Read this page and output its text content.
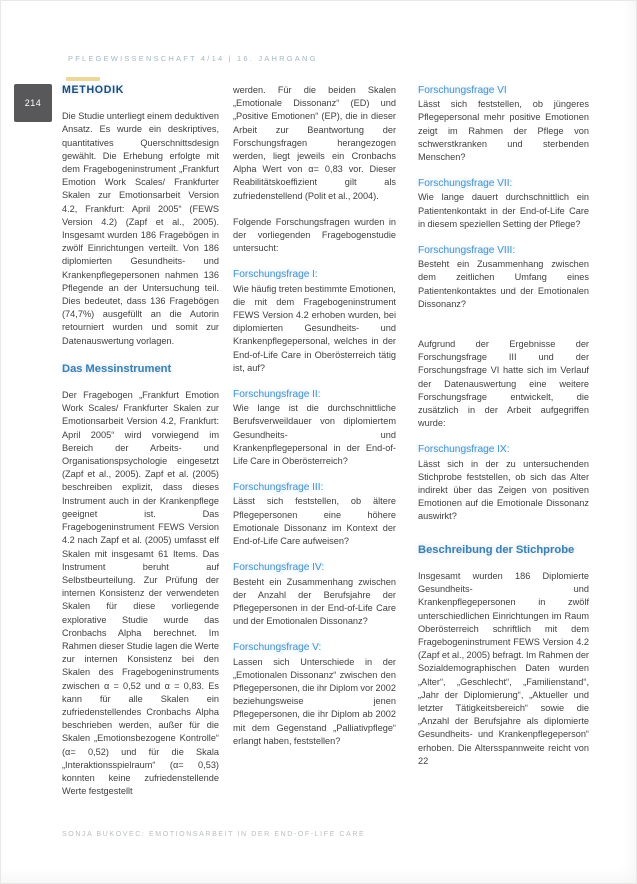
PFLEGEWISSENSCHAFT 4/14 | 16. JAHRGANG
214
METHODIK

Die Studie unterliegt einem deduktiven Ansatz. Es wurde ein deskriptives, quantitatives Querschnittsdesign gewählt. Die Erhebung erfolgte mit dem Fragebogeninstrument „Frankfurt Emotion Work Scales/ Frankfurter Skalen zur Emotionsarbeit Version 4.2, Frankfurt: April 2005“ (FEWS Version 4.2) (Zapf et al., 2005). Insgesamt wurden 186 Fragebögen in zwölf Einrichtungen verteilt. Von 186 diplomierten Gesundheits- und Krankenpflegepersonen nahmen 136 Pflegende an der Untersuchung teil. Dies bedeutet, dass 136 Fragebögen (74,7%) ausgefüllt an die Autorin retourniert wurden und somit zur Datenauswertung vorlagen.

Das Messinstrument

Der Fragebogen „Frankfurt Emotion Work Scales/ Frankfurter Skalen zur Emotionsarbeit Version 4.2, Frankfurt: April 2005“ wird vorwiegend im Bereich der Arbeits- und Organisationspsychologie eingesetzt (Zapf et al., 2005). Zapf et al. (2005) beschreiben explizit, dass dieses Instrument auch in der Krankenpflege geeignet ist. Das Fragebogeninstrument FEWS Version 4.2 nach Zapf et al. (2005) umfasst elf Skalen mit insgesamt 61 Items. Das Instrument beruht auf Selbstbeurteilung. Zur Prüfung der internen Konsistenz der verwendeten Skalen für diese vorliegende explorative Studie wurde das Cronbachs Alpha berechnet. Im Rahmen dieser Studie lagen die Werte zur internen Konsistenz bei den Skalen des Fragebogeninstruments zwischen α = 0,52 und α = 0,83. Es kann für alle Skalen ein zufriedenstellendes Cronbachs Alpha beschrieben werden, außer für die Skalen „Emotionsbezogene Kontrolle“ (α= 0,52) und für die Skala „Interaktionsspielraum“ (α= 0,53) konnten keine zufriedenstellende Werte festgestellt

werden. Für die beiden Skalen „Emotionale Dissonanz“ (ED) und „Positive Emotionen“ (EP), die in dieser Arbeit zur Beantwortung der Forschungsfragen herangezogen werden, liegt jeweils ein Cronbachs Alpha Wert von α= 0,83 vor. Dieser Reabilitätskoeffizient gilt als zufriedenstellend (Polit et al., 2004).

Folgende Forschungsfragen wurden in der vorliegenden Fragebogenstudie untersucht:

Forschungsfrage I:

Wie häufig treten bestimmte Emotionen, die mit dem Fragebogeninstrument FEWS Version 4.2 erhoben wurden, bei diplomierten Gesundheits- und Krankenpflegepersonal, welches in der End-of-Life Care in Oberösterreich tätig ist, auf?

Forschungsfrage II:

Wie lange ist die durchschnittliche Berufsverweildauer von diplomiertem Gesundheits- und Krankenpflegepersonal in der End-of-Life Care in Oberösterreich?

Forschungsfrage III:

Lässt sich feststellen, ob ältere Pflegepersonen eine höhere Emotionale Dissonanz im Kontext der End-of-Life Care aufweisen?

Forschungsfrage IV:

Besteht ein Zusammenhang zwischen der Anzahl der Berufsjahre der Pflegepersonen in der End-of-Life Care und der Emotionalen Dissonanz?

Forschungsfrage V:

Lassen sich Unterschiede in der „Emotionalen Dissonanz“ zwischen den Pflegepersonen, die ihr Diplom vor 2002 beziehungsweise jenen Pflegepersonen, die ihr Diplom ab 2002 mit dem Gegenstand „Palliativpflege“ erlangt haben, feststellen?

Forschungsfrage VI

Lässt sich feststellen, ob jüngeres Pflegepersonal mehr positive Emotionen zeigt im Rahmen der Pflege von schwerstkranken und sterbenden Menschen?

Forschungsfrage VII:

Wie lange dauert durchschnittlich ein Patientenkontakt in der End-of-Life Care in diesem speziellen Setting der Pflege?

Forschungsfrage VIII:

Besteht ein Zusammenhang zwischen dem zeitlichen Umfang eines Patientenkontaktes und der Emotionalen Dissonanz?

Aufgrund der Ergebnisse der Forschungsfrage III und der Forschungsfrage VI hatte sich im Verlauf der Datenauswertung eine weitere Forschungsfrage entwickelt, die zusätzlich in der Arbeit aufgegriffen wurde:

Forschungsfrage IX:

Lässt sich in der zu untersuchenden Stichprobe feststellen, ob sich das Alter indirekt über das Zeigen von positiven Emotionen auf die Emotionale Dissonanz auswirkt?

Beschreibung der Stichprobe

Insgesamt wurden 186 Diplomierte Gesundheits- und Krankenpflegepersonen in zwölf unterschiedlichen Einrichtungen im Raum Oberösterreich schriftlich mit dem Fragebogeninstrument FEWS Version 4.2 (Zapf et al., 2005) befragt. Im Rahmen der Sozialdemographischen Daten wurden „Alter“, „Geschlecht“, „Familienstand“, „Jahr der Diplomierung“, „Aktueller und letzter Tätigkeitsbereich“ sowie die „Anzahl der Berufsjahre als diplomierte Gesundheits- und Krankenpflegeperson“ erhoben. Die Altersspannweite reicht von 22

SONJA BUKOVEC: EMOTIONSARBEIT IN DER END-OF-LIFE CARE
